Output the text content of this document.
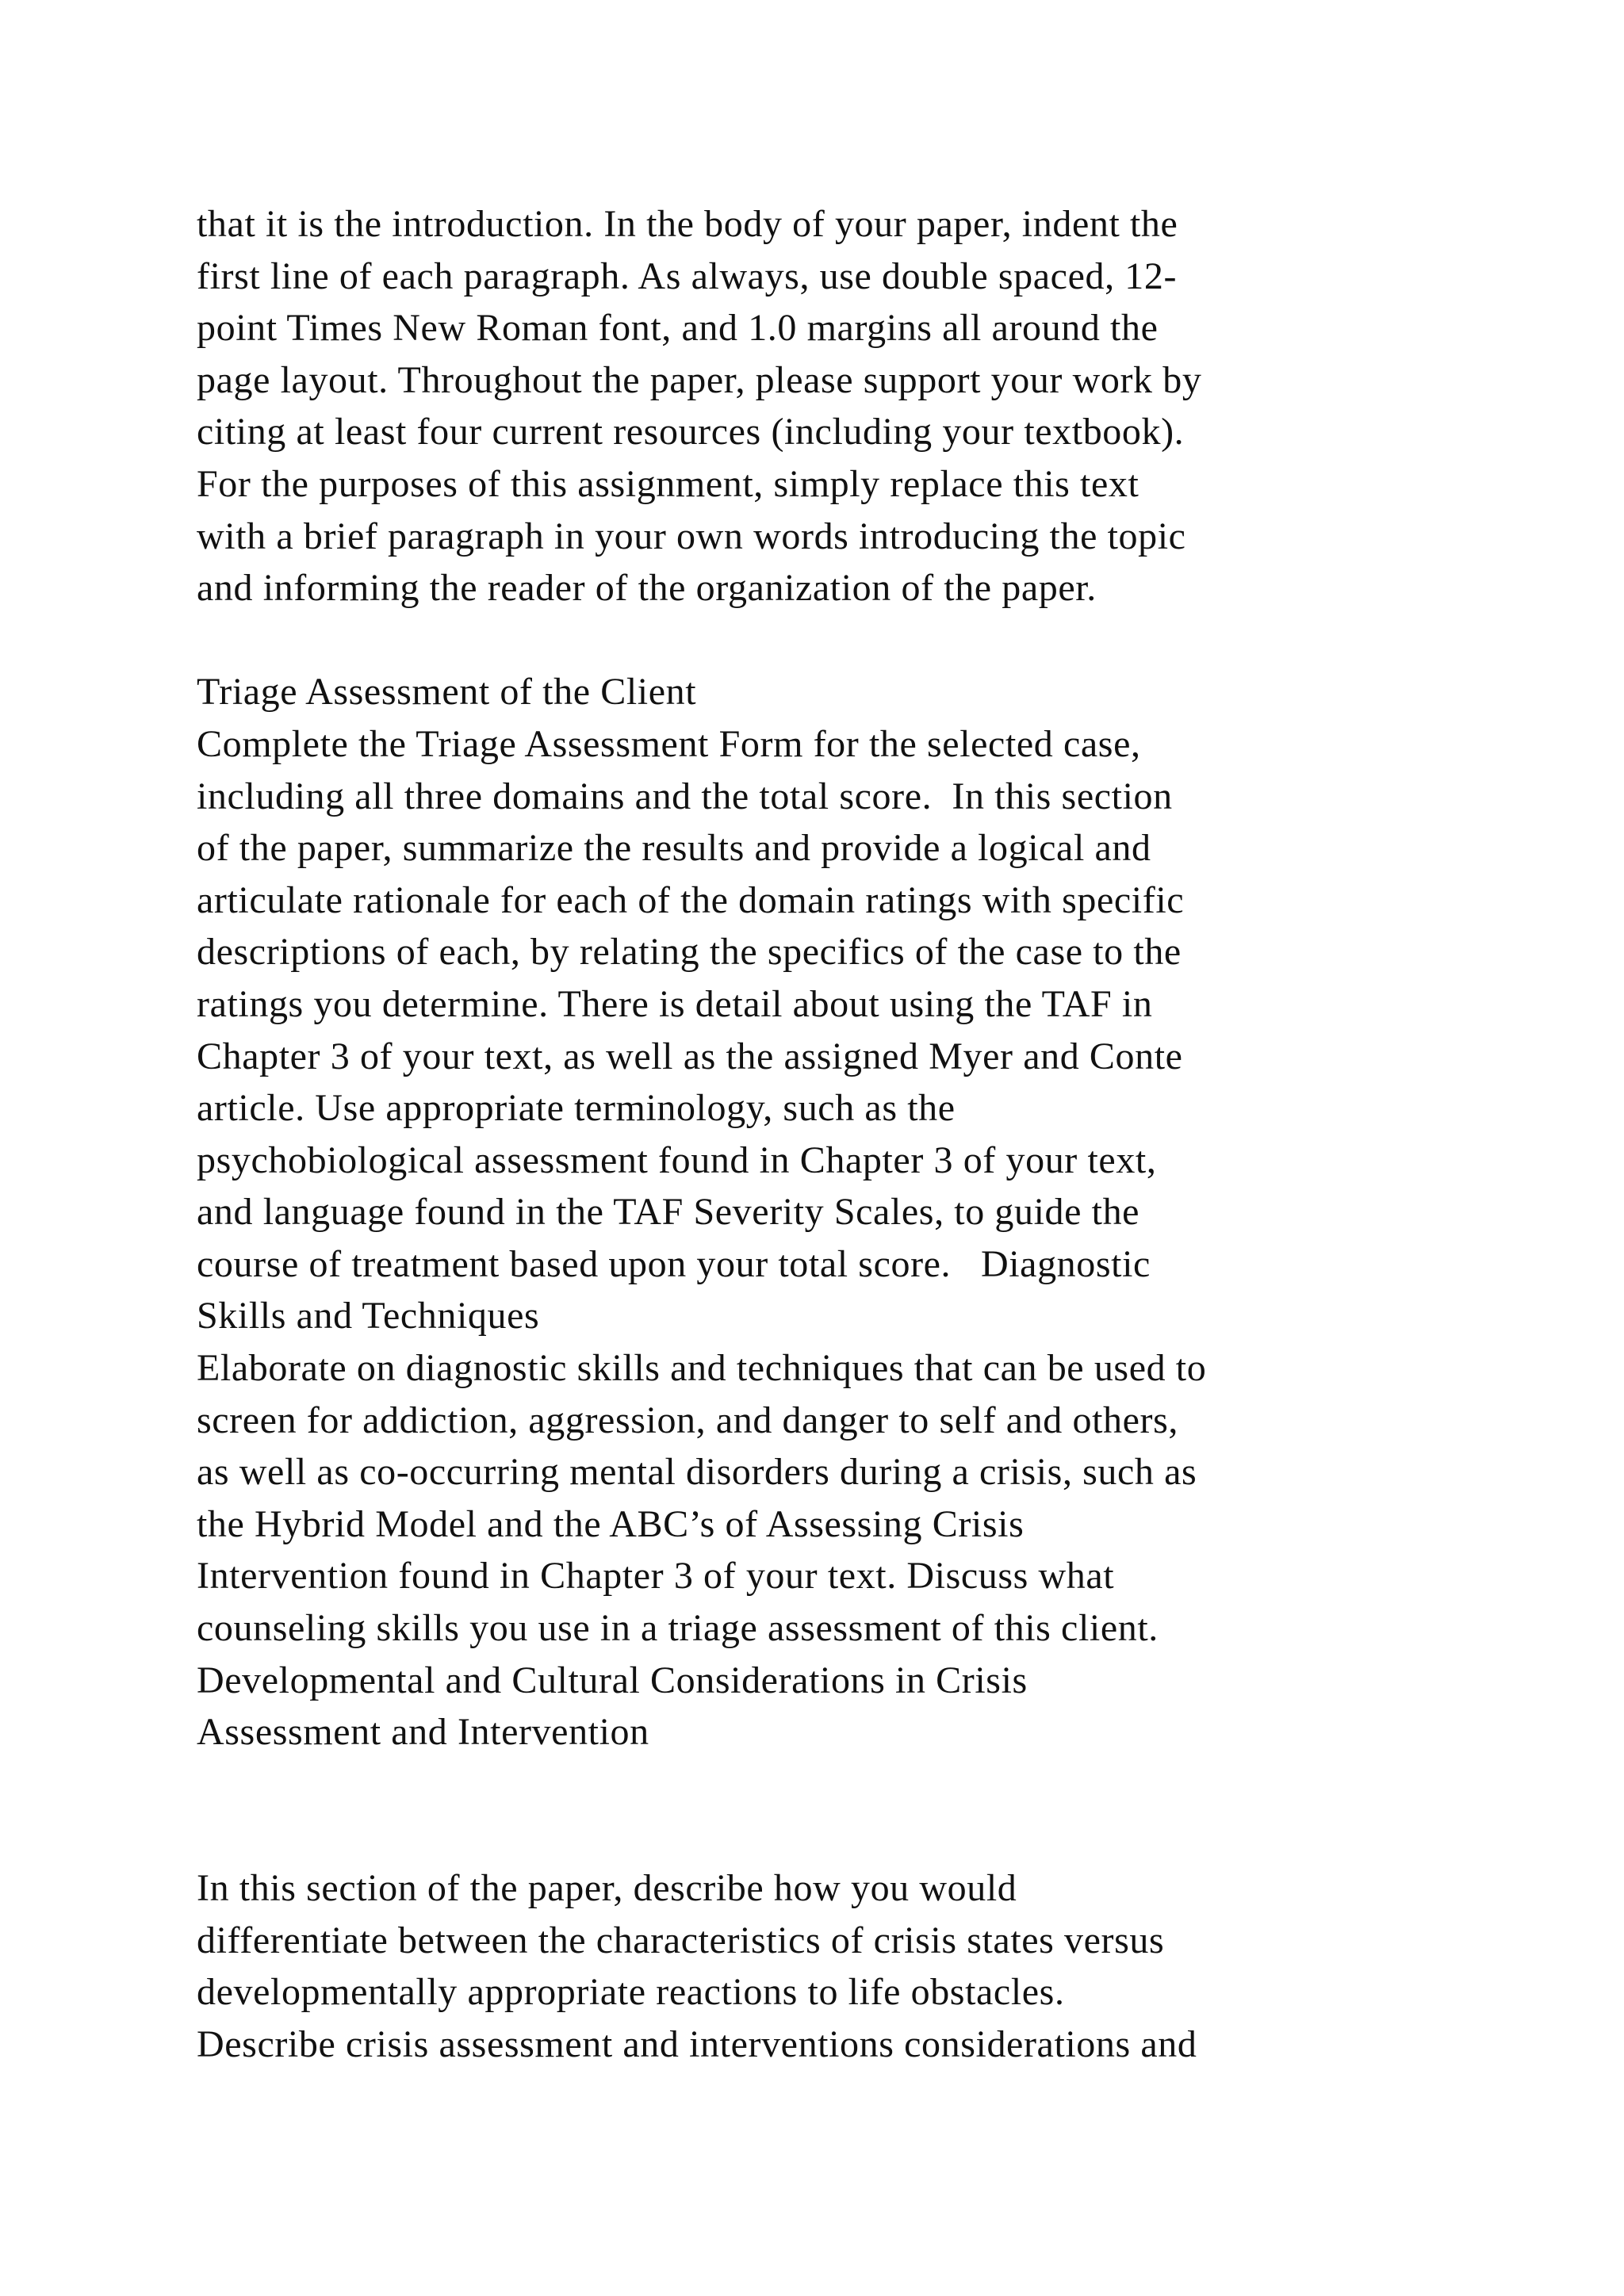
that it is the introduction. In the body of your paper, indent the
first line of each paragraph. As always, use double spaced, 12-
point Times New Roman font, and 1.0 margins all around the
page layout. Throughout the paper, please support your work by
citing at least four current resources (including your textbook).
For the purposes of this assignment, simply replace this text
with a brief paragraph in your own words introducing the topic
and informing the reader of the organization of the paper.
Triage Assessment of the Client
Complete the Triage Assessment Form for the selected case,
including all three domains and the total score.  In this section
of the paper, summarize the results and provide a logical and
articulate rationale for each of the domain ratings with specific
descriptions of each, by relating the specifics of the case to the
ratings you determine. There is detail about using the TAF in
Chapter 3 of your text, as well as the assigned Myer and Conte
article. Use appropriate terminology, such as the
psychobiological assessment found in Chapter 3 of your text,
and language found in the TAF Severity Scales, to guide the
course of treatment based upon your total score.   Diagnostic
Skills and Techniques
Elaborate on diagnostic skills and techniques that can be used to
screen for addiction, aggression, and danger to self and others,
as well as co-occurring mental disorders during a crisis, such as
the Hybrid Model and the ABC’s of Assessing Crisis
Intervention found in Chapter 3 of your text. Discuss what
counseling skills you use in a triage assessment of this client.
Developmental and Cultural Considerations in Crisis
Assessment and Intervention
In this section of the paper, describe how you would
differentiate between the characteristics of crisis states versus
developmentally appropriate reactions to life obstacles.
Describe crisis assessment and interventions considerations and
